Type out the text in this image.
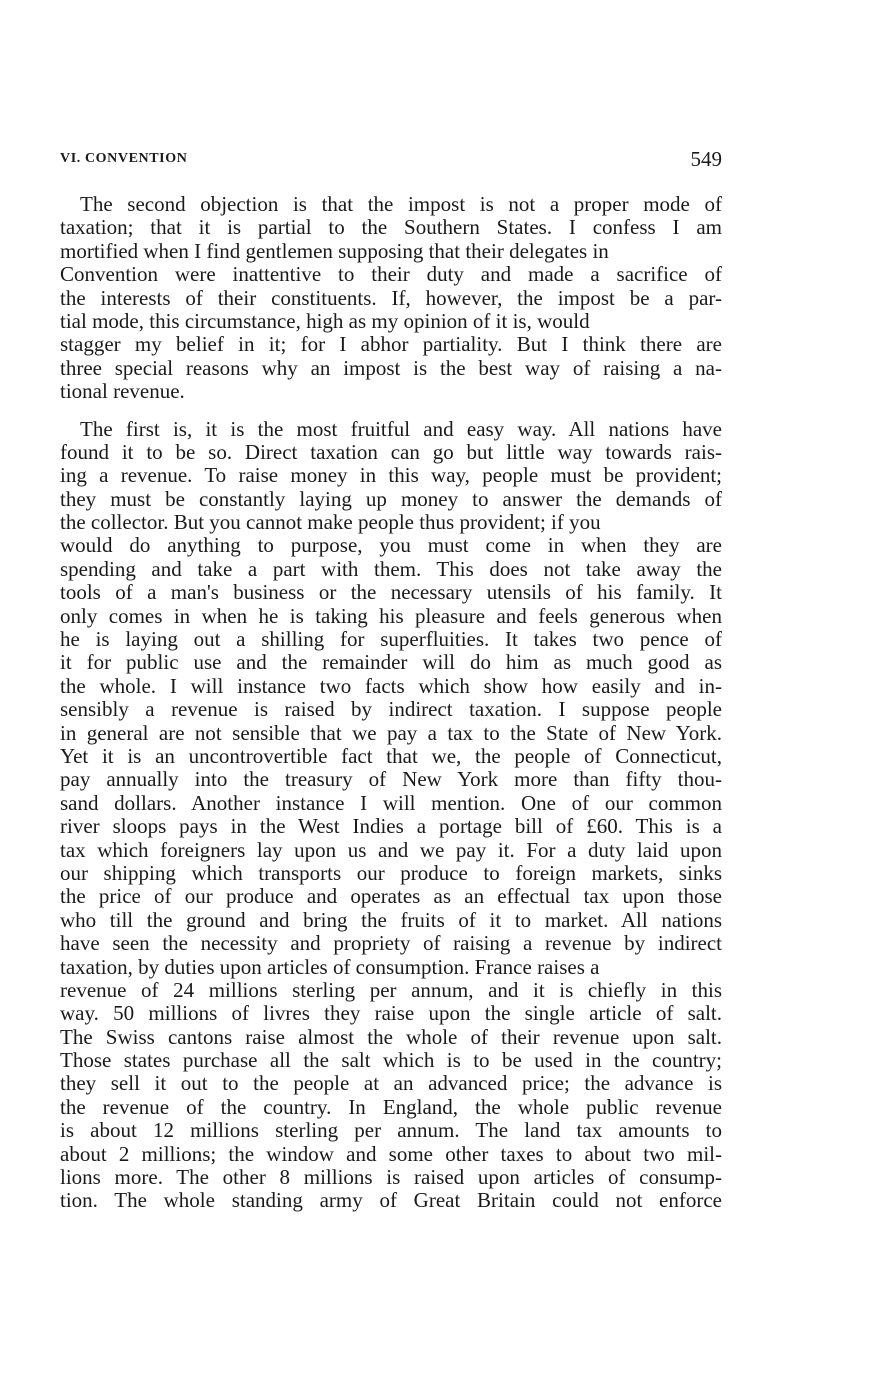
VI. CONVENTION	549
The second objection is that the impost is not a proper mode of
taxation; that it is partial to the Southern States. I confess I am
mortified when I find gentlemen supposing that their delegates in
Convention were inattentive to their duty and made a sacrifice of
the interests of their constituents. If, however, the impost be a par-
tial mode, this circumstance, high as my opinion of it is, would
stagger my belief in it; for I abhor partiality. But I think there are
three special reasons why an impost is the best way of raising a na-
tional revenue.
The first is, it is the most fruitful and easy way. All nations have
found it to be so. Direct taxation can go but little way towards rais-
ing a revenue. To raise money in this way, people must be provident;
they must be constantly laying up money to answer the demands of
the collector. But you cannot make people thus provident; if you
would do anything to purpose, you must come in when they are
spending and take a part with them. This does not take away the
tools of a man's business or the necessary utensils of his family. It
only comes in when he is taking his pleasure and feels generous when
he is laying out a shilling for superfluities. It takes two pence of
it for public use and the remainder will do him as much good as
the whole. I will instance two facts which show how easily and in-
sensibly a revenue is raised by indirect taxation. I suppose people
in general are not sensible that we pay a tax to the State of New York.
Yet it is an uncontrovertible fact that we, the people of Connecticut,
pay annually into the treasury of New York more than fifty thou-
sand dollars. Another instance I will mention. One of our common
river sloops pays in the West Indies a portage bill of £60. This is a
tax which foreigners lay upon us and we pay it. For a duty laid upon
our shipping which transports our produce to foreign markets, sinks
the price of our produce and operates as an effectual tax upon those
who till the ground and bring the fruits of it to market. All nations
have seen the necessity and propriety of raising a revenue by indirect
taxation, by duties upon articles of consumption. France raises a
revenue of 24 millions sterling per annum, and it is chiefly in this
way. 50 millions of livres they raise upon the single article of salt.
The Swiss cantons raise almost the whole of their revenue upon salt.
Those states purchase all the salt which is to be used in the country;
they sell it out to the people at an advanced price; the advance is
the revenue of the country. In England, the whole public revenue
is about 12 millions sterling per annum. The land tax amounts to
about 2 millions; the window and some other taxes to about two mil-
lions more. The other 8 millions is raised upon articles of consump-
tion. The whole standing army of Great Britain could not enforce
